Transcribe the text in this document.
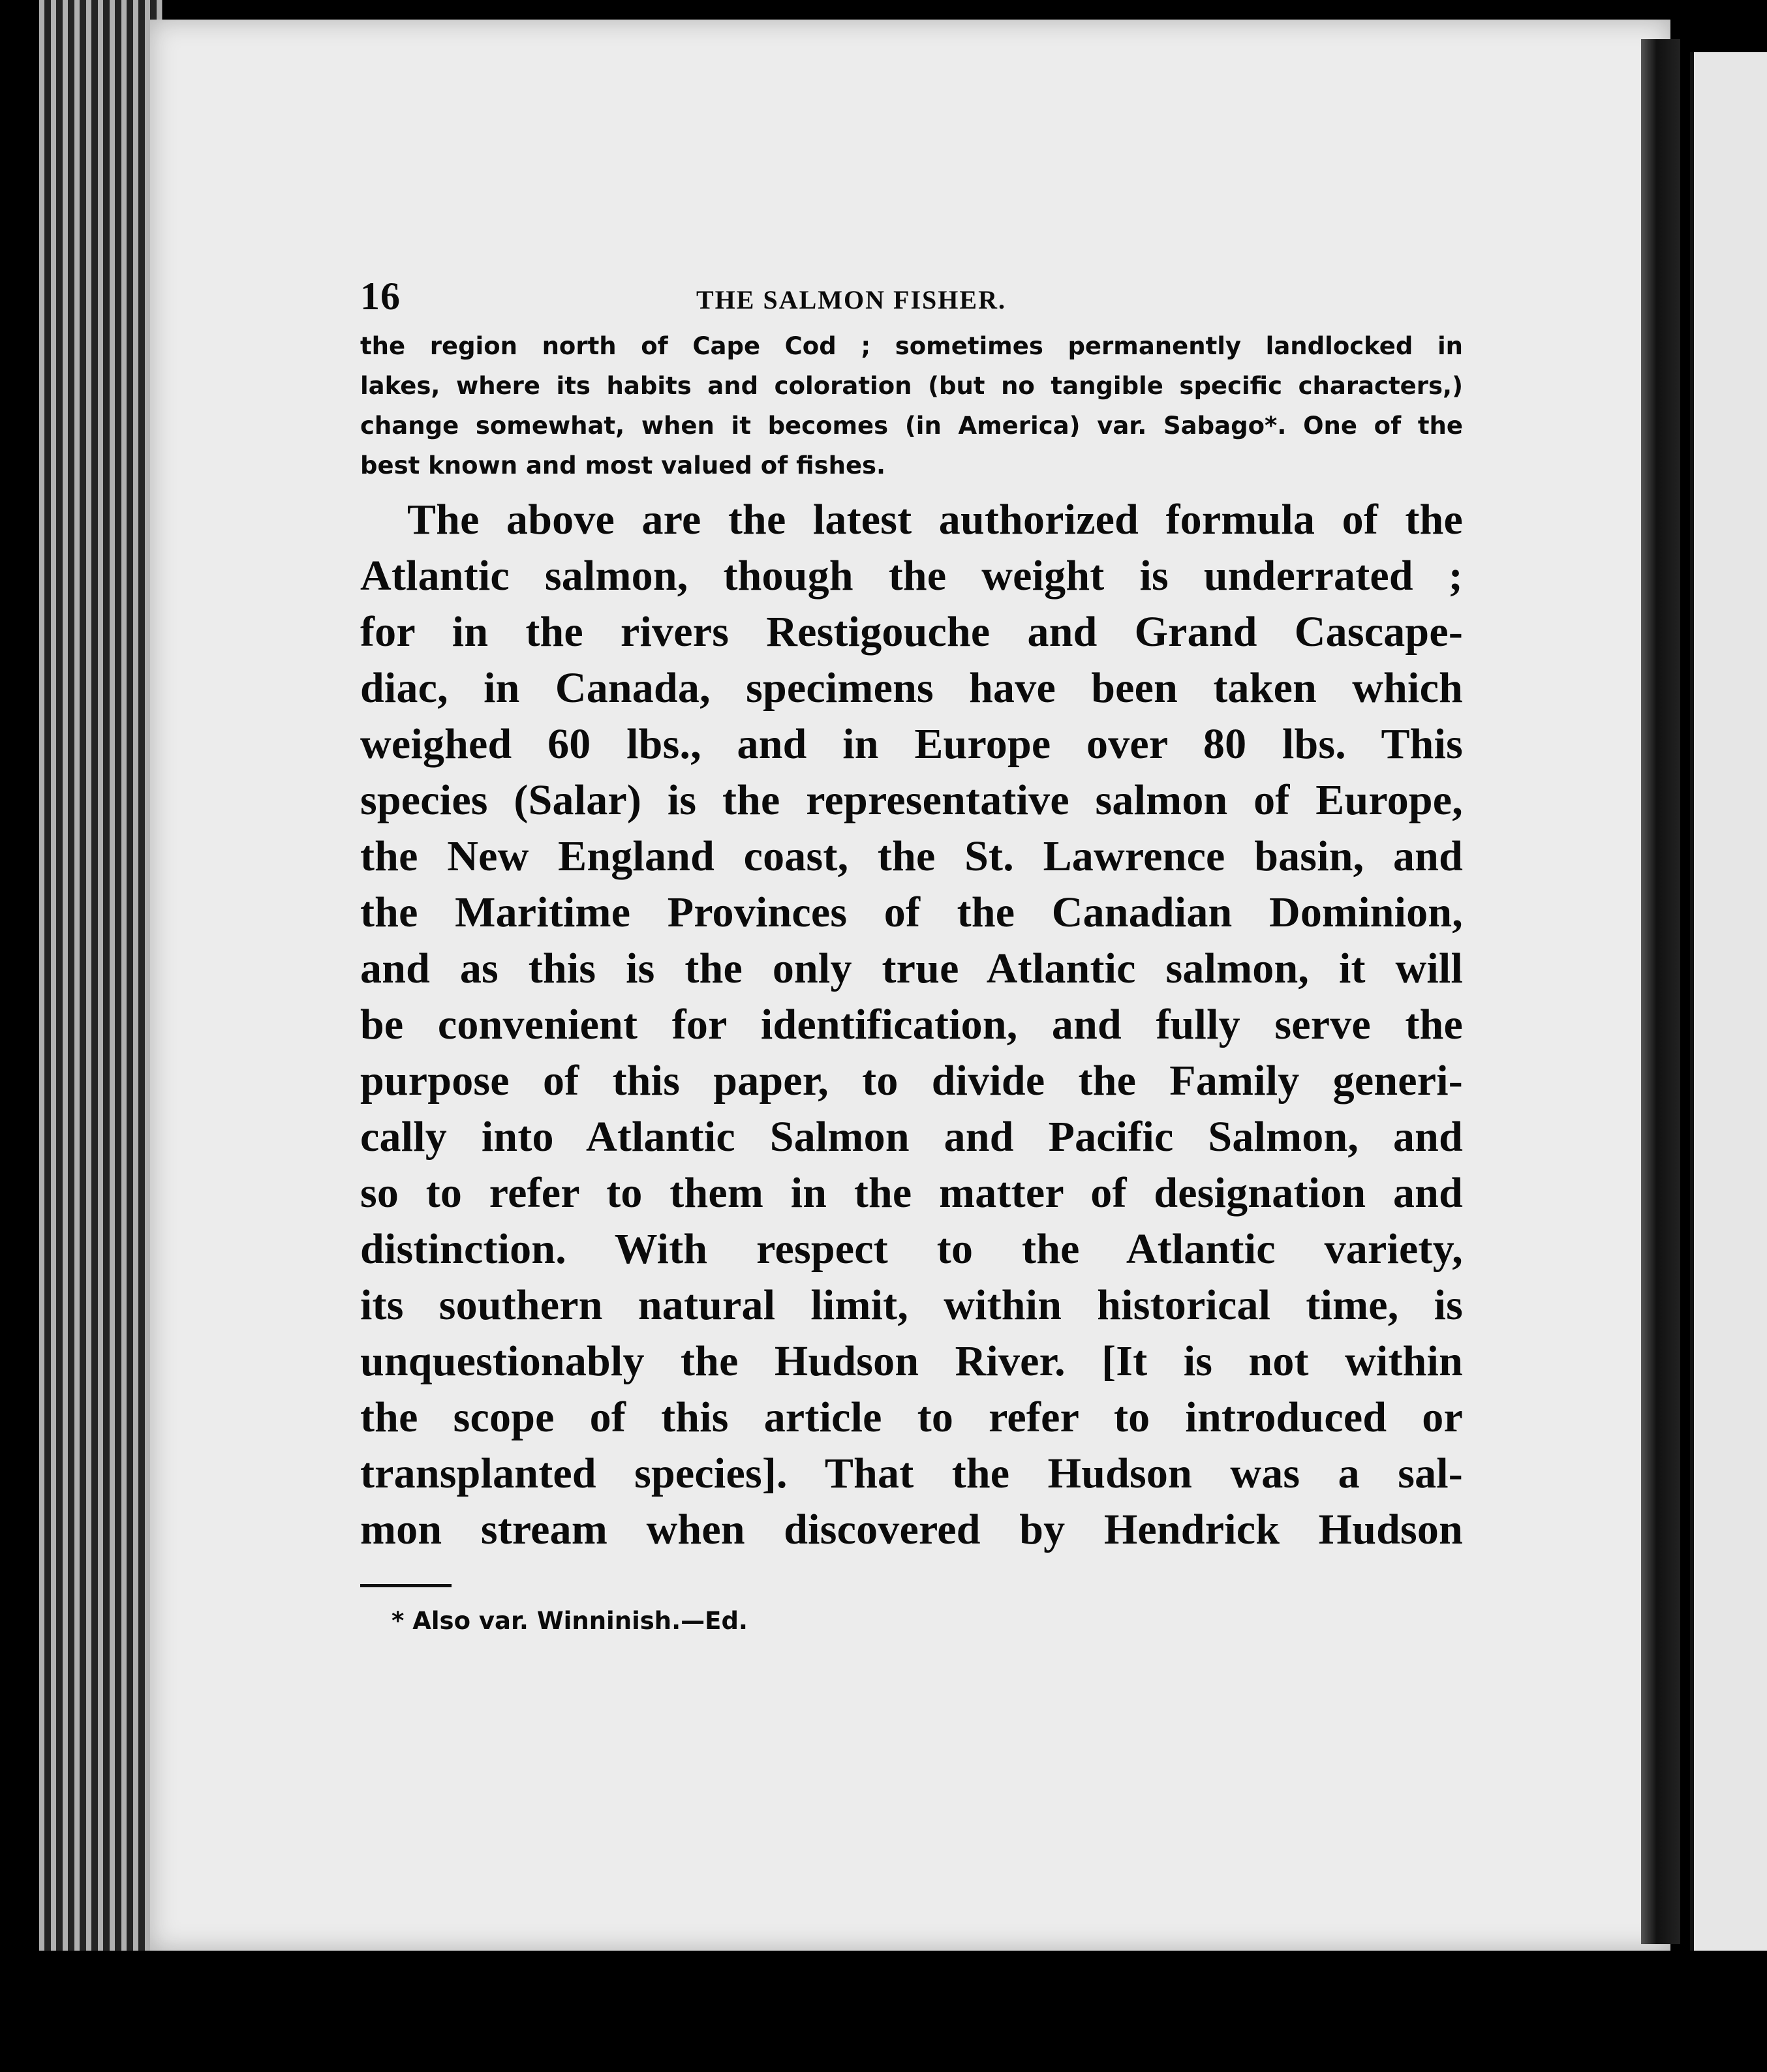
16	THE SALMON FISHER.

the region north of Cape Cod ; sometimes permanently landlocked in
lakes, where its habits and coloration (but no tangible specific characters,)
change somewhat, when it becomes (in America) var. Sabago*. One of the
best known and most valued of fishes.

The above are the latest authorized formula of the
Atlantic salmon, though the weight is underrated ;
for in the rivers Restigouche and Grand Cascape-
diac, in Canada, specimens have been taken which
weighed 60 lbs., and in Europe over 80 lbs. This
species (Salar) is the representative salmon of Europe,
the New England coast, the St. Lawrence basin, and
the Maritime Provinces of the Canadian Dominion,
and as this is the only true Atlantic salmon, it will
be convenient for identification, and fully serve the
purpose of this paper, to divide the Family generi-
cally into Atlantic Salmon and Pacific Salmon, and
so to refer to them in the matter of designation and
distinction. With respect to the Atlantic variety,
its southern natural limit, within historical time, is
unquestionably the Hudson River. [It is not within
the scope of this article to refer to introduced or
transplanted species]. That the Hudson was a sal-
mon stream when discovered by Hendrick Hudson

* Also var. Winninish.—Ed.
